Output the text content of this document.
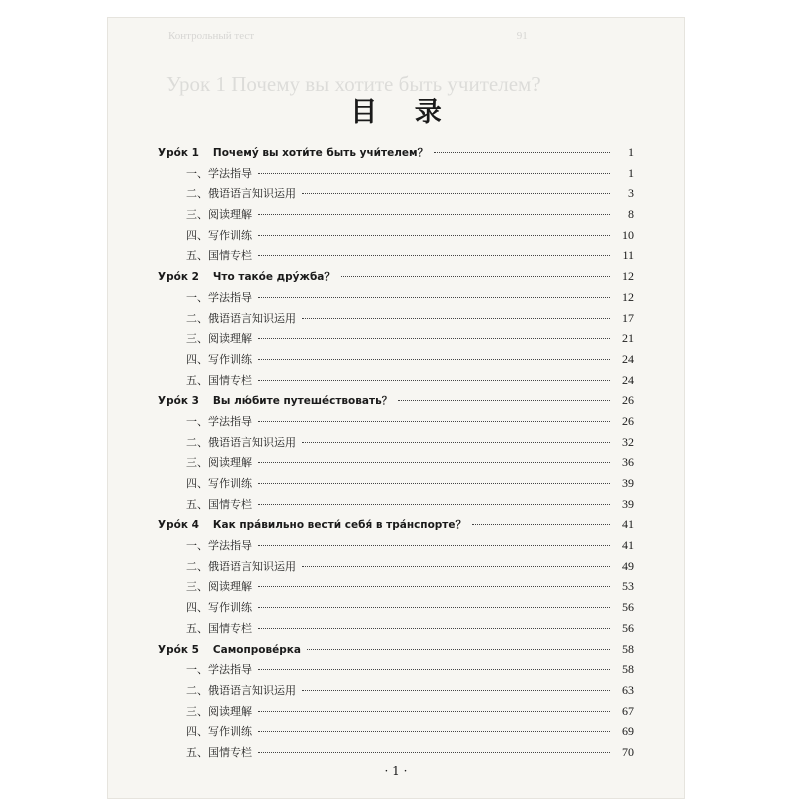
Контрольный тест	91
Урок 1 Почему вы хотите быть учителем?
目 录
Урóк 1 Почемý вы хоти́те быть учи́телем？	1
一、学法指导	1
二、俄语语言知识运用	3
三、阅读理解	8
四、写作训练	10
五、国情专栏	11
Урóк 2 Что такóе дрýжба？	12
一、学法指导	12
二、俄语语言知识运用	17
三、阅读理解	21
四、写作训练	24
五、国情专栏	24
Урóк 3 Вы лю́бите путешéствовать？	26
一、学法指导	26
二、俄语语言知识运用	32
三、阅读理解	36
四、写作训练	39
五、国情专栏	39
Урóк 4 Как прáвильно вести́ себя́ в трáнспорте？	41
一、学法指导	41
二、俄语语言知识运用	49
三、阅读理解	53
四、写作训练	56
五、国情专栏	56
Урóк 5 Самопровéрка	58
一、学法指导	58
二、俄语语言知识运用	63
三、阅读理解	67
四、写作训练	69
五、国情专栏	70
· 1 ·
